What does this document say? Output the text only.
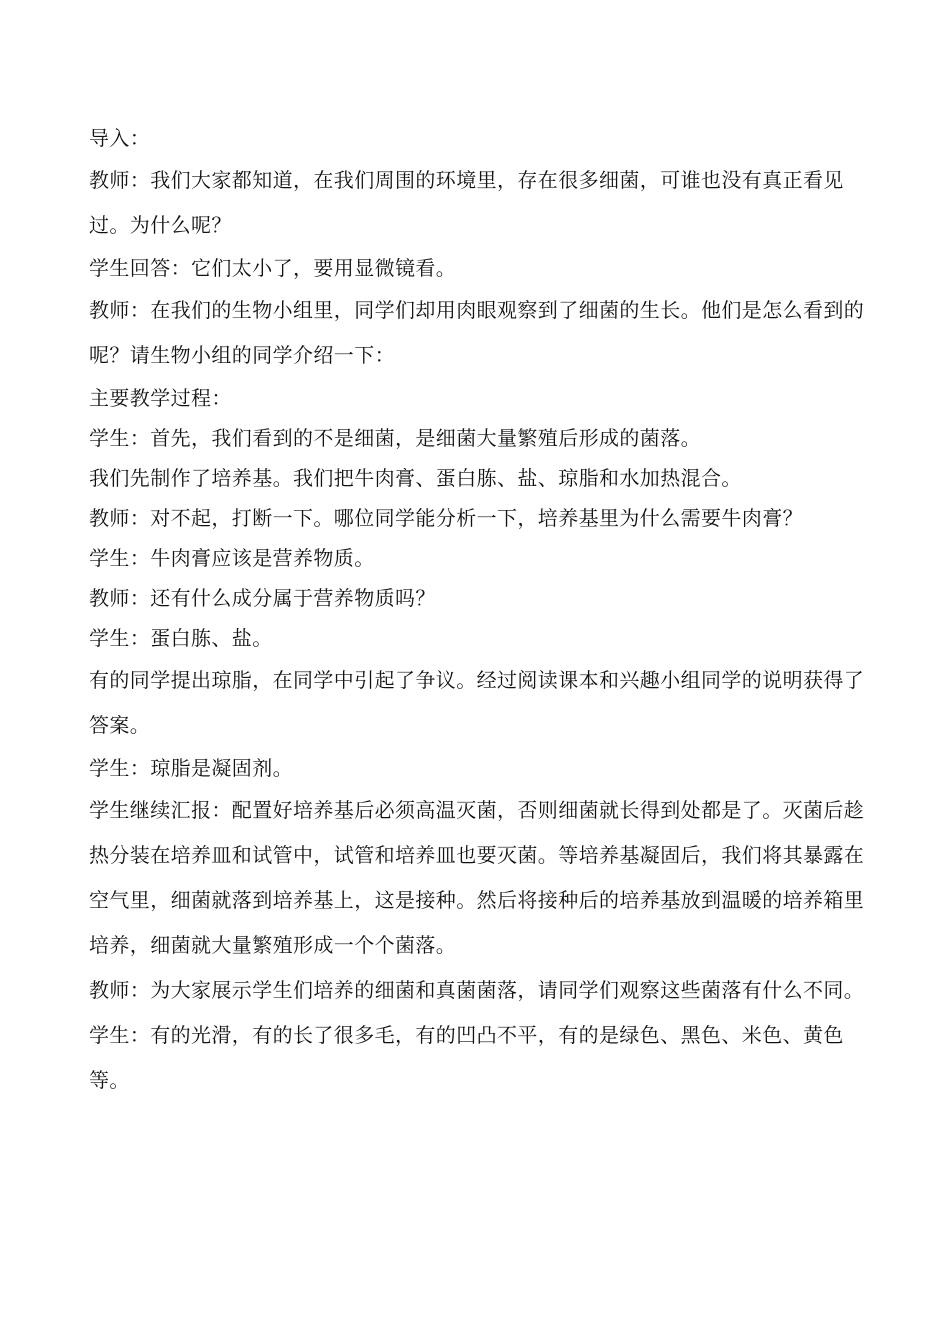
导入：

教师：我们大家都知道，在我们周围的环境里，存在很多细菌，可谁也没有真正看见过。为什么呢？

学生回答：它们太小了，要用显微镜看。

教师：在我们的生物小组里，同学们却用肉眼观察到了细菌的生长。他们是怎么看到的呢？请生物小组的同学介绍一下：

主要教学过程：

学生：首先，我们看到的不是细菌，是细菌大量繁殖后形成的菌落。

我们先制作了培养基。我们把牛肉膏、蛋白胨、盐、琼脂和水加热混合。

教师：对不起，打断一下。哪位同学能分析一下，培养基里为什么需要牛肉膏？

学生：牛肉膏应该是营养物质。

教师：还有什么成分属于营养物质吗？

学生：蛋白胨、盐。

有的同学提出琼脂，在同学中引起了争议。经过阅读课本和兴趣小组同学的说明获得了答案。

学生：琼脂是凝固剂。

学生继续汇报：配置好培养基后必须高温灭菌，否则细菌就长得到处都是了。灭菌后趁热分装在培养皿和试管中，试管和培养皿也要灭菌。等培养基凝固后，我们将其暴露在空气里，细菌就落到培养基上，这是接种。然后将接种后的培养基放到温暖的培养箱里培养，细菌就大量繁殖形成一个个菌落。

教师：为大家展示学生们培养的细菌和真菌菌落，请同学们观察这些菌落有什么不同。

学生：有的光滑，有的长了很多毛，有的凹凸不平，有的是绿色、黑色、米色、黄色等。
